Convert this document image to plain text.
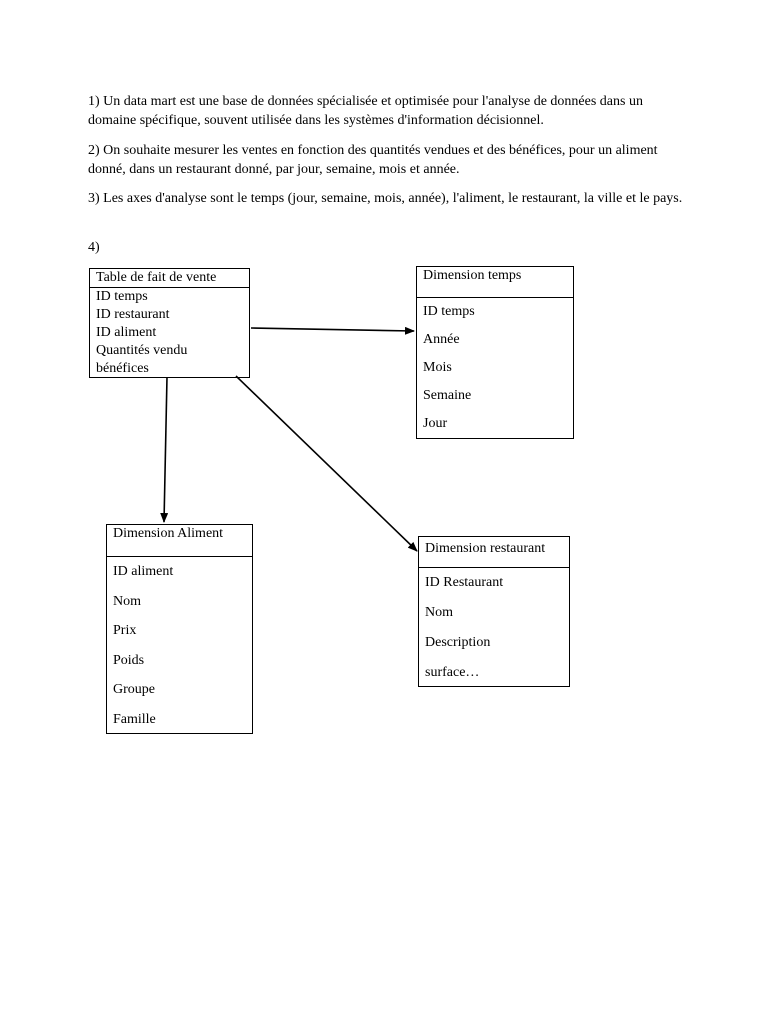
1) Un data mart est une base de données spécialisée et optimisée pour l'analyse de données dans un domaine spécifique, souvent utilisée dans les systèmes d'information décisionnel.

2) On souhaite mesurer les ventes en fonction des quantités vendues et des bénéfices, pour un aliment donné, dans un restaurant donné, par jour, semaine, mois et année.

3) Les axes d'analyse sont le temps (jour, semaine, mois, année), l'aliment, le restaurant, la ville et le pays.

4)

Table de fait de vente
ID temps
ID restaurant
ID aliment
Quantités vendu
bénéfices
Dimension temps
ID temps
Année
Mois
Semaine
Jour
Dimension Aliment
ID aliment
Nom
Prix
Poids
Groupe
Famille
Dimension restaurant
ID Restaurant
Nom
Description
surface…
